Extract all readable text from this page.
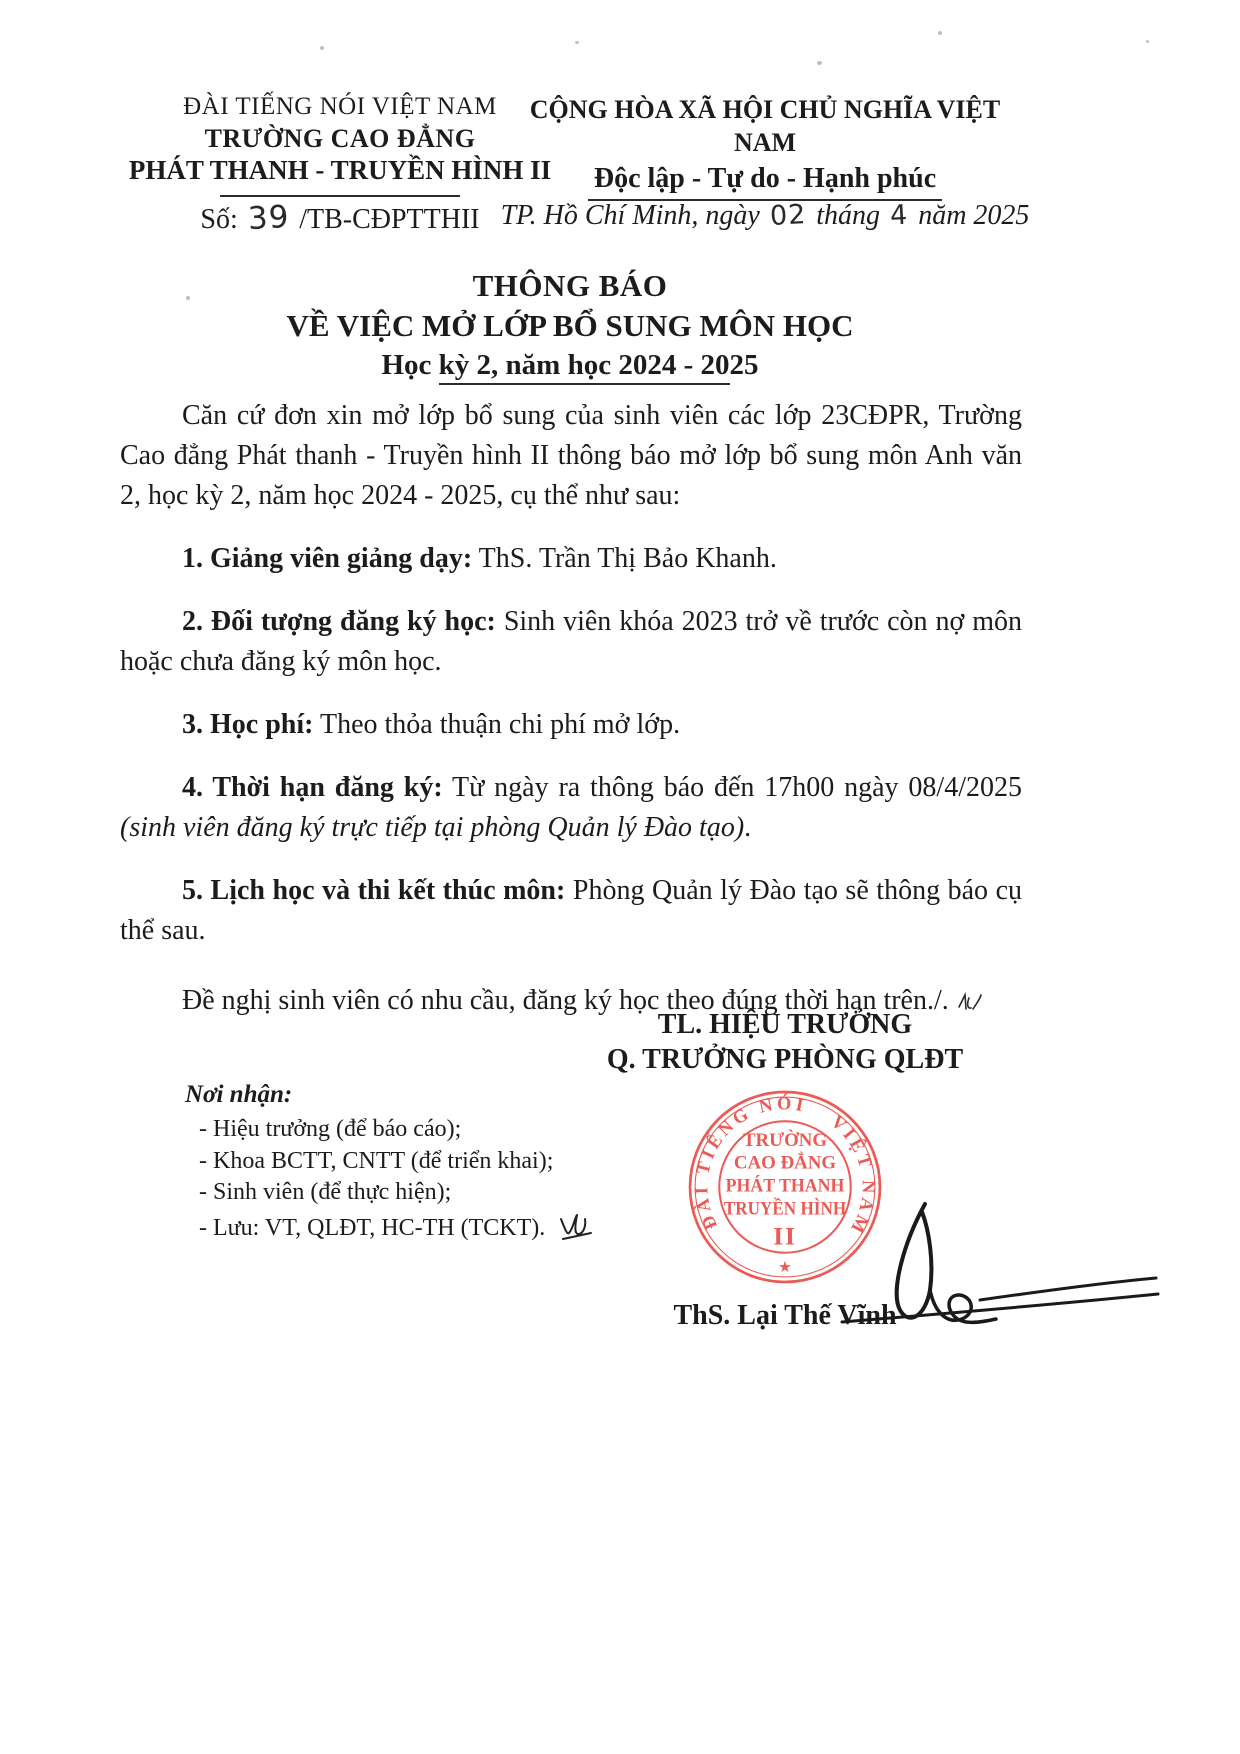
ĐÀI TIẾNG NÓI VIỆT NAM
TRƯỜNG CAO ĐẲNG
PHÁT THANH - TRUYỀN HÌNH II
CỘNG HÒA XÃ HỘI CHỦ NGHĨA VIỆT NAM
Độc lập - Tự do - Hạnh phúc
Số: 39 /TB-CĐPTTHII TP. Hồ Chí Minh, ngày 02 tháng 4 năm 2025
THÔNG BÁO
VỀ VIỆC MỞ LỚP BỔ SUNG MÔN HỌC
Học kỳ 2, năm học 2024 - 2025

Căn cứ đơn xin mở lớp bổ sung của sinh viên các lớp 23CĐPR, Trường Cao đẳng Phát thanh - Truyền hình II thông báo mở lớp bổ sung môn Anh văn 2, học kỳ 2, năm học 2024 - 2025, cụ thể như sau:

1. Giảng viên giảng dạy: ThS. Trần Thị Bảo Khanh.

2. Đối tượng đăng ký học: Sinh viên khóa 2023 trở về trước còn nợ môn hoặc chưa đăng ký môn học.

3. Học phí: Theo thỏa thuận chi phí mở lớp.

4. Thời hạn đăng ký: Từ ngày ra thông báo đến 17h00 ngày 08/4/2025 (sinh viên đăng ký trực tiếp tại phòng Quản lý Đào tạo).

5. Lịch học và thi kết thúc môn: Phòng Quản lý Đào tạo sẽ thông báo cụ thể sau.

Đề nghị sinh viên có nhu cầu, đăng ký học theo đúng thời hạn trên./.

Nơi nhận:
- Hiệu trưởng (để báo cáo);
- Khoa BCTT, CNTT (để triển khai);
- Sinh viên (để thực hiện);
- Lưu: VT, QLĐT, HC-TH (TCKT).
TL. HIỆU TRƯỞNG
Q. TRƯỞNG PHÒNG QLĐT
ĐÀI TIẾNG NÓI
VIỆT NAM
★
TRƯỜNG
CAO ĐẲNG
PHÁT THANH
TRUYỀN HÌNH
II
ThS. Lại Thế Vĩnh
